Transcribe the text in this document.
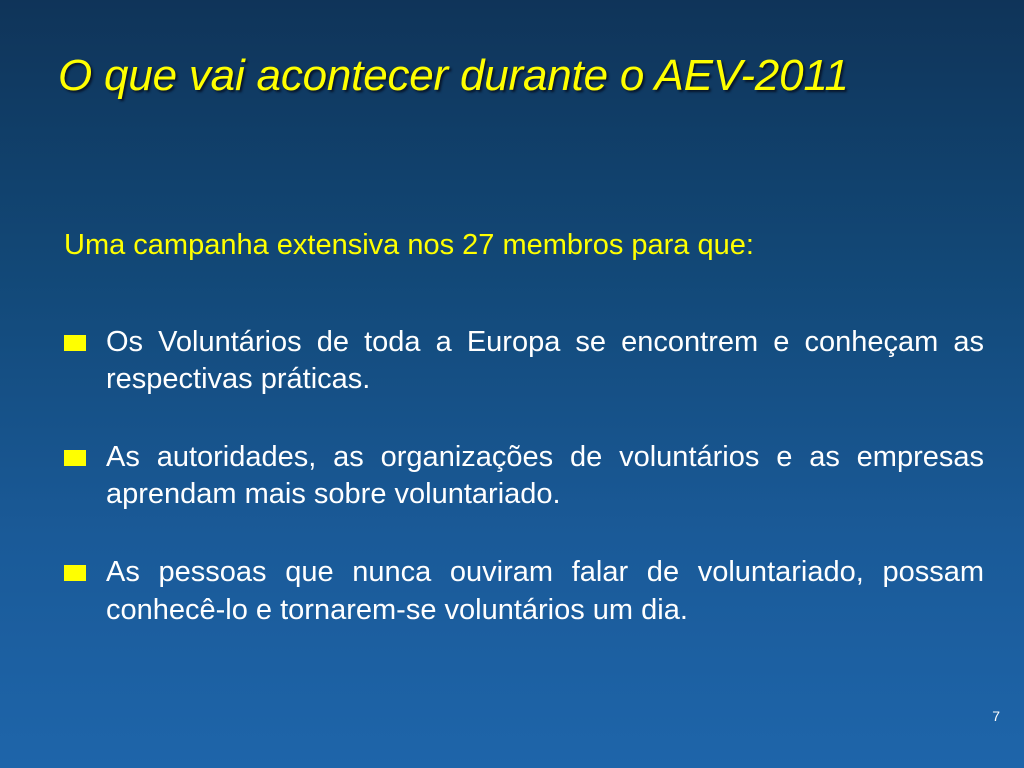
O que vai acontecer durante o AEV-2011
Uma campanha extensiva nos 27 membros para que:
Os Voluntários de toda a Europa se encontrem e conheçam as respectivas práticas.
As autoridades, as organizações de voluntários e as empresas aprendam mais sobre voluntariado.
As pessoas que nunca ouviram falar de voluntariado, possam conhecê-lo e tornarem-se voluntários um dia.
7
